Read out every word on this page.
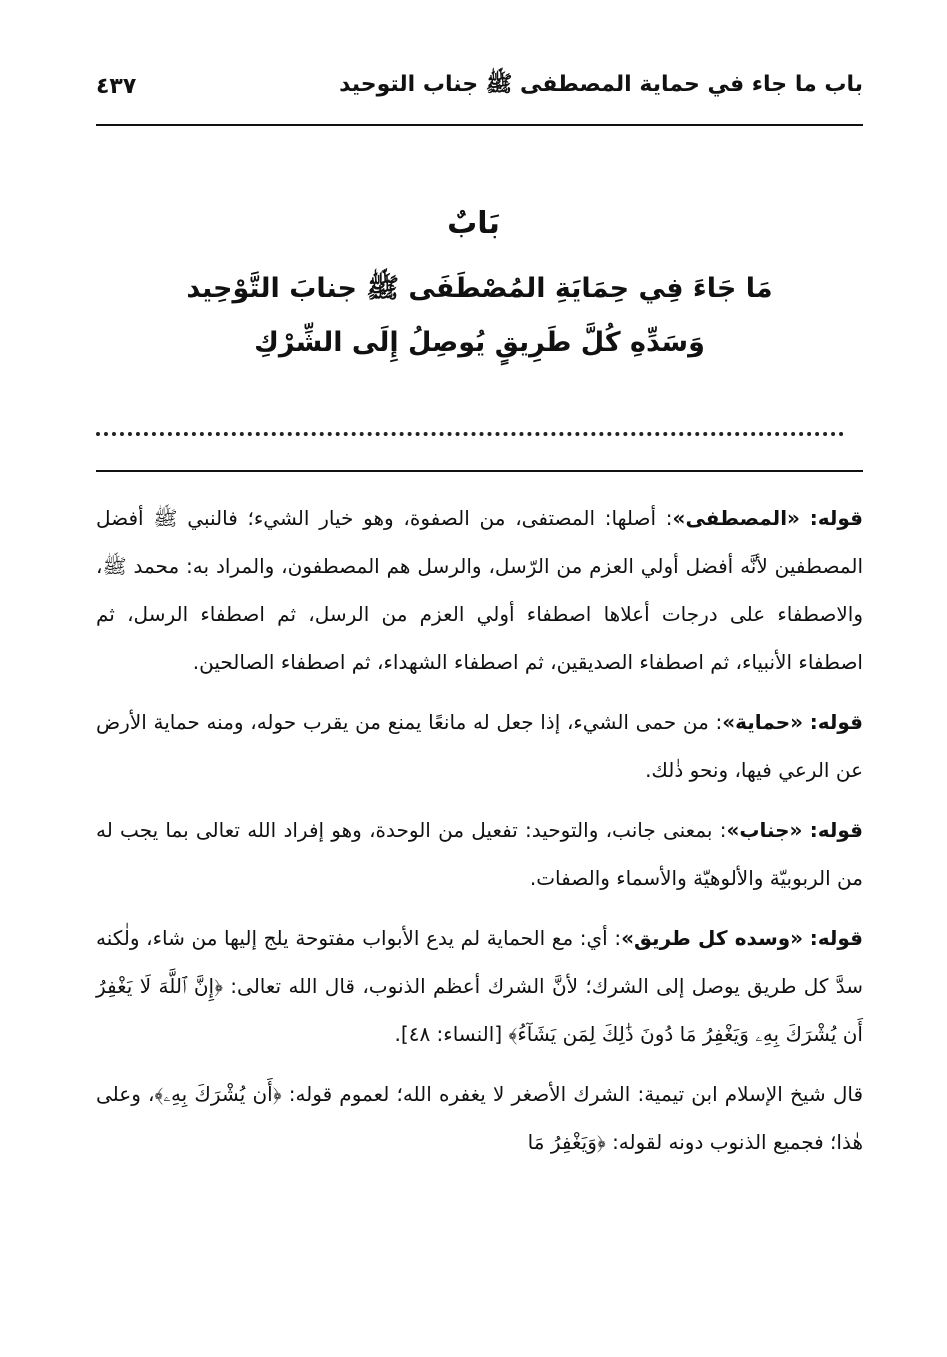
باب ما جاء في حماية المصطفى ﷺ جناب التوحيد
٤٣٧
بَابٌ
مَا جَاءَ فِي حِمَايَةِ المُصْطَفَى ﷺ جنابَ التَّوْحِيد
وَسَدِّهِ كُلَّ طَرِيقٍ يُوصِلُ إِلَى الشِّرْكِ

قوله: «المصطفى»: أصلها: المصتفى، من الصفوة، وهو خيار الشيء؛ فالنبي ﷺ أفضل المصطفين لأنَّه أفضل أولي العزم من الرّسل، والرسل هم المصطفون، والمراد به: محمد ﷺ، والاصطفاء على درجات أعلاها اصطفاء أولي العزم من الرسل، ثم اصطفاء الرسل، ثم اصطفاء الأنبياء، ثم اصطفاء الصديقين، ثم اصطفاء الشهداء، ثم اصطفاء الصالحين.

قوله: «حماية»: من حمى الشيء، إذا جعل له مانعًا يمنع من يقرب حوله، ومنه حماية الأرض عن الرعي فيها، ونحو ذٰلك.

قوله: «جناب»: بمعنى جانب، والتوحيد: تفعيل من الوحدة، وهو إفراد الله تعالى بما يجب له من الربوبيّة والألوهيّة والأسماء والصفات.

قوله: «وسده كل طريق»: أي: مع الحماية لم يدع الأبواب مفتوحة يلج إليها من شاء، ولٰكنه سدَّ كل طريق يوصل إلى الشرك؛ لأنَّ الشرك أعظم الذنوب، قال الله تعالى: ﴿إِنَّ ٱللَّهَ لَا يَغْفِرُ أَن يُشْرَكَ بِهِۦ وَيَغْفِرُ مَا دُونَ ذَٰلِكَ لِمَن يَشَآءُ﴾ [النساء: ٤٨].

قال شيخ الإسلام ابن تيمية: الشرك الأصغر لا يغفره الله؛ لعموم قوله: ﴿أَن يُشْرَكَ بِهِۦ﴾، وعلى هٰذا؛ فجميع الذنوب دونه لقوله: ﴿وَيَغْفِرُ مَا
